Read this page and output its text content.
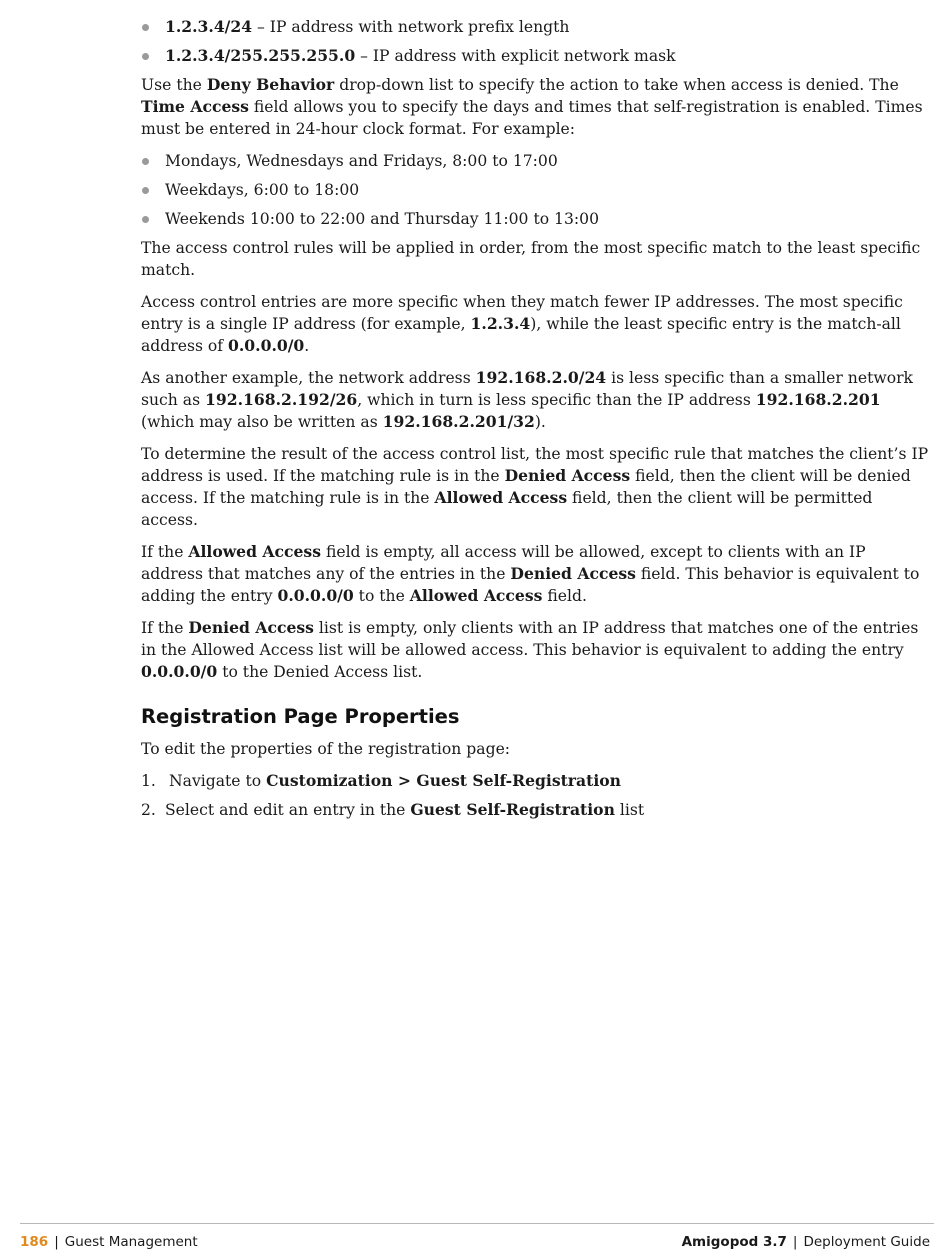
1.2.3.4/24 – IP address with network prefix length
1.2.3.4/255.255.255.0 – IP address with explicit network mask

Use the Deny Behavior drop-down list to specify the action to take when access is denied. The Time Access field allows you to specify the days and times that self-registration is enabled. Times must be entered in 24-hour clock format. For example:

Mondays, Wednesdays and Fridays, 8:00 to 17:00
Weekdays, 6:00 to 18:00
Weekends 10:00 to 22:00 and Thursday 11:00 to 13:00

The access control rules will be applied in order, from the most specific match to the least specific match.

Access control entries are more specific when they match fewer IP addresses. The most specific entry is a single IP address (for example, 1.2.3.4), while the least specific entry is the match-all address of 0.0.0.0/0.

As another example, the network address 192.168.2.0/24 is less specific than a smaller network such as 192.168.2.192/26, which in turn is less specific than the IP address 192.168.2.201 (which may also be written as 192.168.2.201/32).

To determine the result of the access control list, the most specific rule that matches the client’s IP address is used. If the matching rule is in the Denied Access field, then the client will be denied access. If the matching rule is in the Allowed Access field, then the client will be permitted access.

If the Allowed Access field is empty, all access will be allowed, except to clients with an IP address that matches any of the entries in the Denied Access field. This behavior is equivalent to adding the entry 0.0.0.0/0 to the Allowed Access field.

If the Denied Access list is empty, only clients with an IP address that matches one of the entries in the Allowed Access list will be allowed access. This behavior is equivalent to adding the entry 0.0.0.0/0 to the Denied Access list.

Registration Page Properties

To edit the properties of the registration page:

1. Navigate to Customization > Guest Self-Registration
2. Select and edit an entry in the Guest Self-Registration list
186 | Guest Management	Amigopod 3.7 | Deployment Guide
